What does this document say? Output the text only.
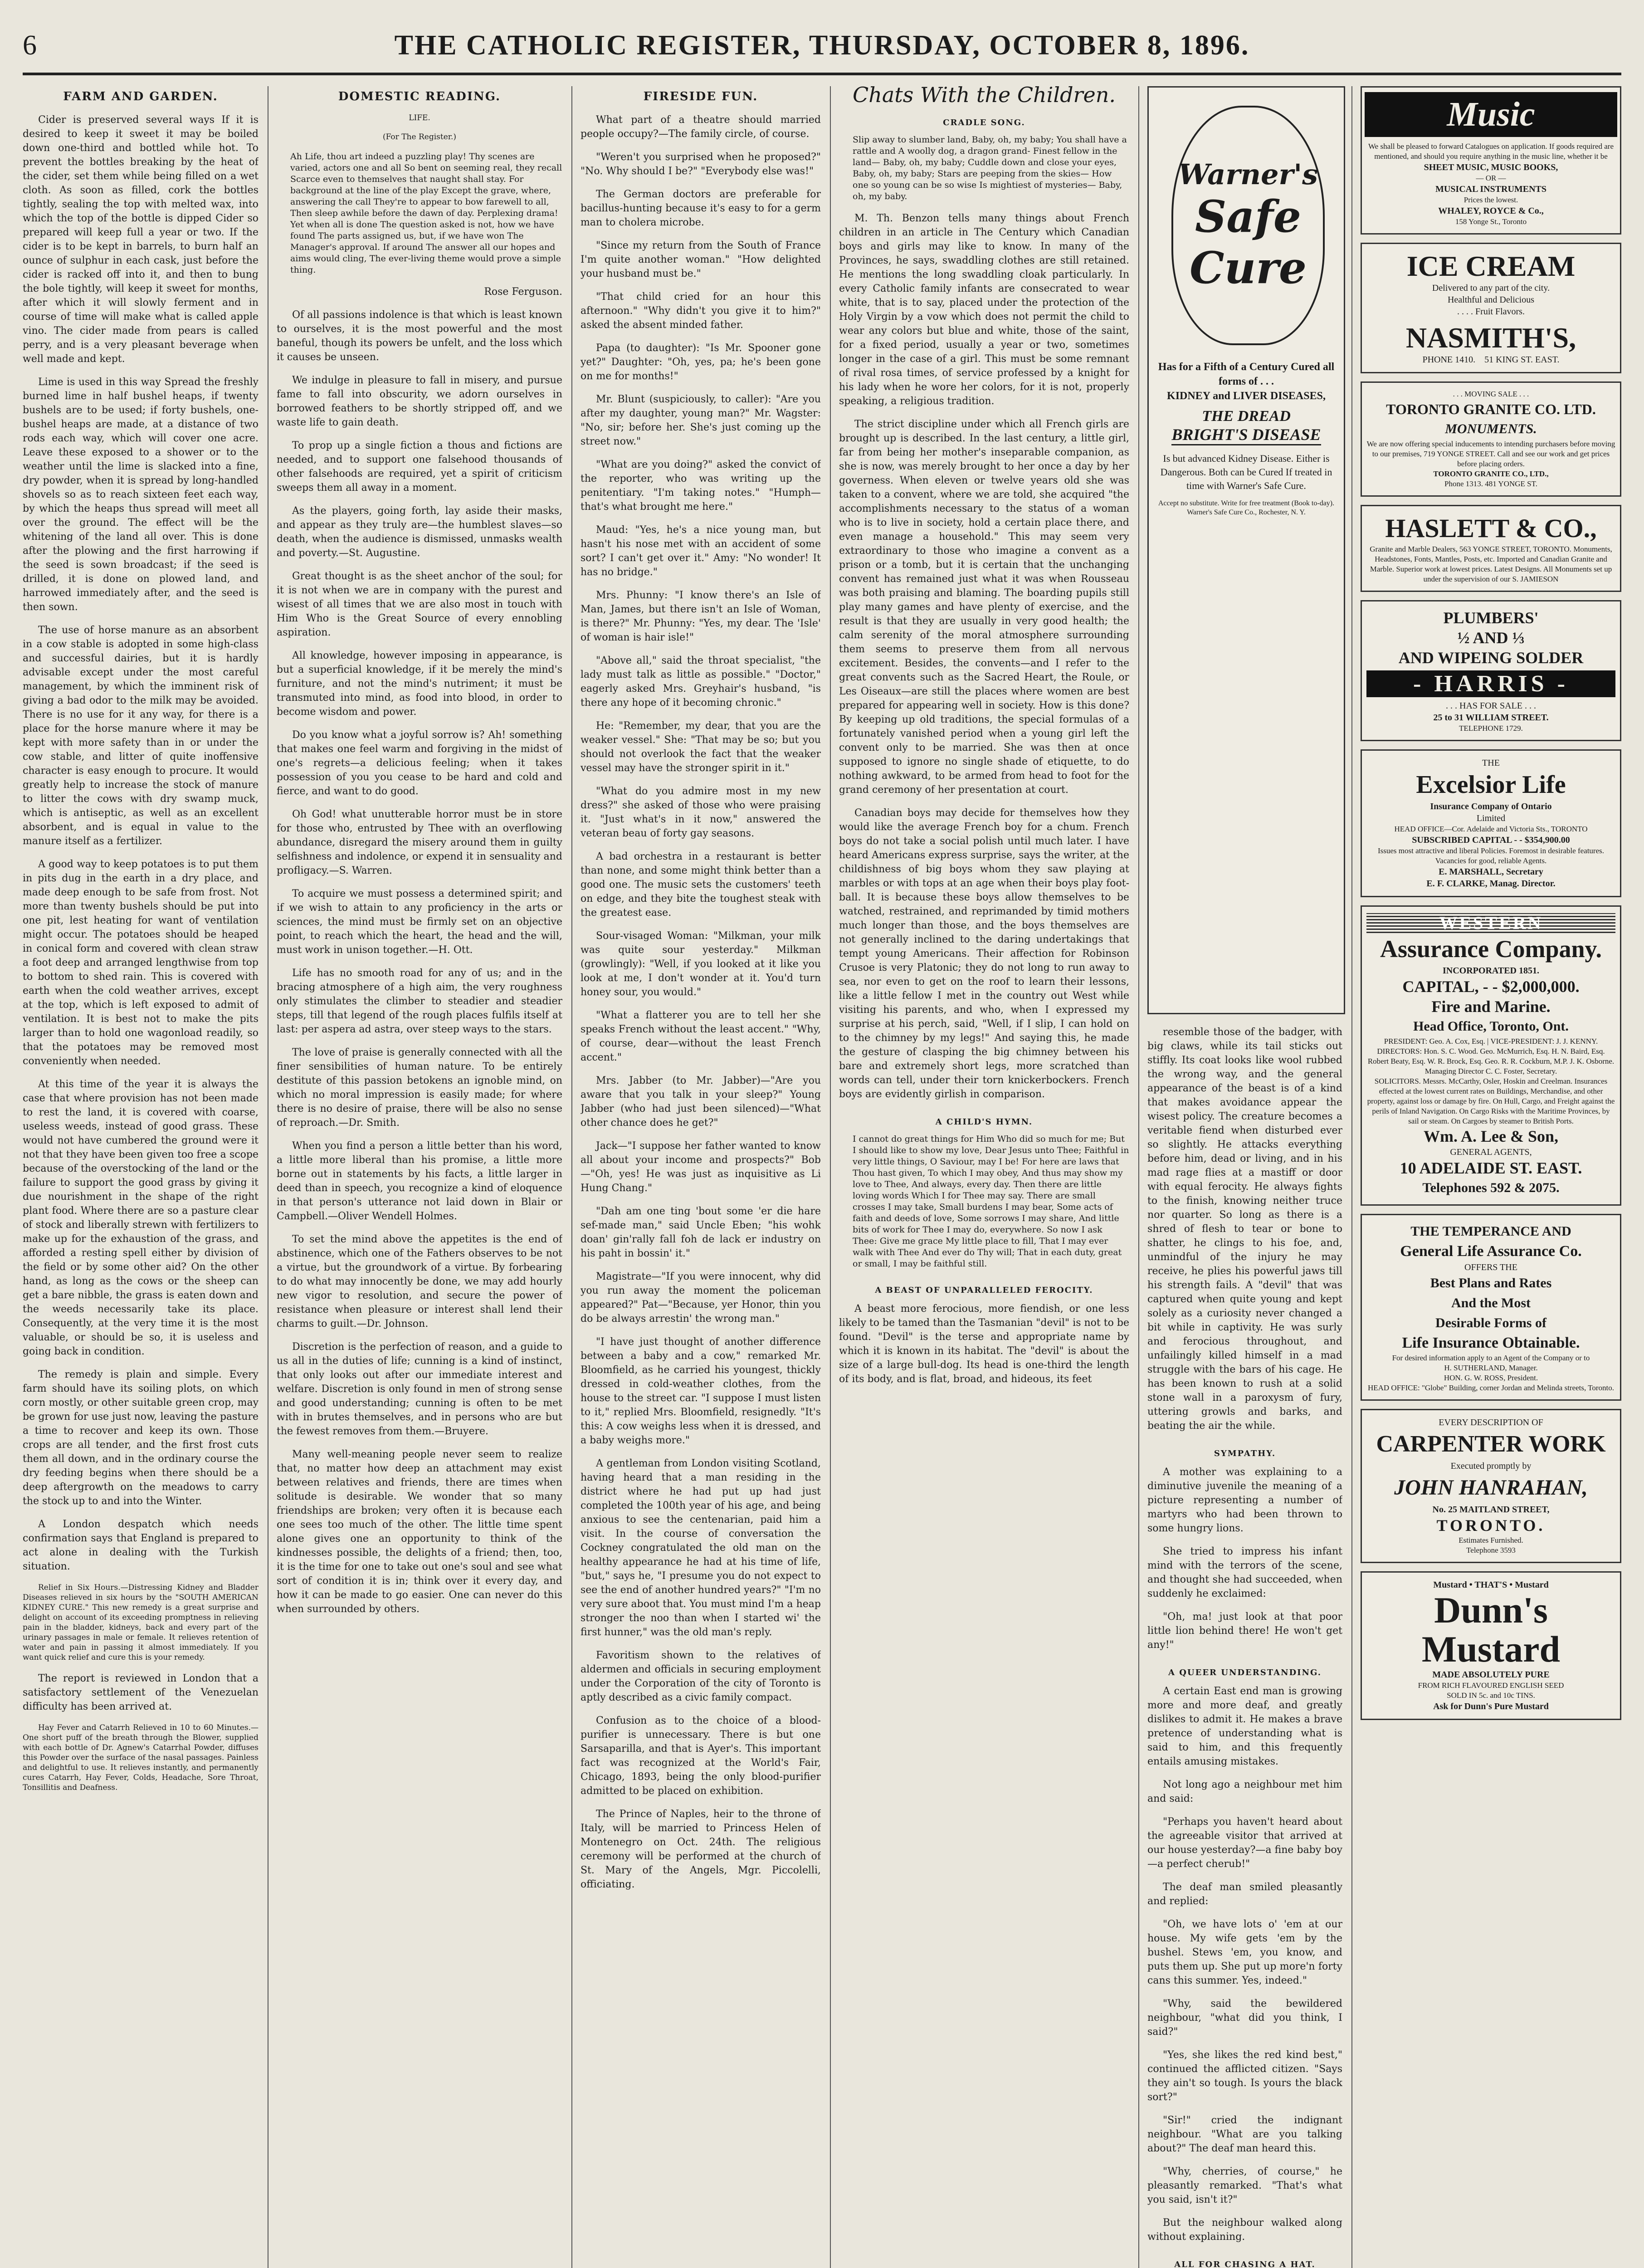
6	THE CATHOLIC REGISTER, THURSDAY, OCTOBER 8, 1896.
FARM AND GARDEN.

Cider is preserved several ways If it is desired to keep it sweet it may be boiled down one-third and bottled while hot. To prevent the bottles breaking by the heat of the cider, set them while being filled on a wet cloth. As soon as filled, cork the bottles tightly, sealing the top with melted wax, into which the top of the bottle is dipped Cider so prepared will keep full a year or two. If the cider is to be kept in barrels, to burn half an ounce of sulphur in each cask, just before the cider is racked off into it, and then to bung the bole tightly, will keep it sweet for months, after which it will slowly ferment and in course of time will make what is called apple vino. The cider made from pears is called perry, and is a very pleasant beverage when well made and kept.

Lime is used in this way Spread the freshly burned lime in half bushel heaps, if twenty bushels are to be used; if forty bushels, one-bushel heaps are made, at a distance of two rods each way, which will cover one acre. Leave these exposed to a shower or to the weather until the lime is slacked into a fine, dry powder, when it is spread by long-handled shovels so as to reach sixteen feet each way, by which the heaps thus spread will meet all over the ground. The effect will be the whitening of the land all over. This is done after the plowing and the first harrowing if the seed is sown broadcast; if the seed is drilled, it is done on plowed land, and harrowed immediately after, and the seed is then sown.

The use of horse manure as an absorbent in a cow stable is adopted in some high-class and successful dairies, but it is hardly advisable except under the most careful management, by which the imminent risk of giving a bad odor to the milk may be avoided. There is no use for it any way, for there is a place for the horse manure where it may be kept with more safety than in or under the cow stable, and litter of quite inoffensive character is easy enough to procure. It would greatly help to increase the stock of manure to litter the cows with dry swamp muck, which is antiseptic, as well as an excellent absorbent, and is equal in value to the manure itself as a fertilizer.

A good way to keep potatoes is to put them in pits dug in the earth in a dry place, and made deep enough to be safe from frost. Not more than twenty bushels should be put into one pit, lest heating for want of ventilation might occur. The potatoes should be heaped in conical form and covered with clean straw a foot deep and arranged lengthwise from top to bottom to shed rain. This is covered with earth when the cold weather arrives, except at the top, which is left exposed to admit of ventilation. It is best not to make the pits larger than to hold one wagonload readily, so that the potatoes may be removed most conveniently when needed.

At this time of the year it is always the case that where provision has not been made to rest the land, it is covered with coarse, useless weeds, instead of good grass. These would not have cumbered the ground were it not that they have been given too free a scope because of the overstocking of the land or the failure to support the good grass by giving it due nourishment in the shape of the right plant food. Where there are so a pasture clear of stock and liberally strewn with fertilizers to make up for the exhaustion of the grass, and afforded a resting spell either by division of the field or by some other aid? On the other hand, as long as the cows or the sheep can get a bare nibble, the grass is eaten down and the weeds necessarily take its place. Consequently, at the very time it is the most valuable, or should be so, it is useless and going back in condition.

The remedy is plain and simple. Every farm should have its soiling plots, on which corn mostly, or other suitable green crop, may be grown for use just now, leaving the pasture a time to recover and keep its own. Those crops are all tender, and the first frost cuts them all down, and in the ordinary course the dry feeding begins when there should be a deep aftergrowth on the meadows to carry the stock up to and into the Winter.

A London despatch which needs confirmation says that England is prepared to act alone in dealing with the Turkish situation.

Relief in Six Hours.—Distressing Kidney and Bladder Diseases relieved in six hours by the "SOUTH AMERICAN KIDNEY CURE." This new remedy is a great surprise and delight on account of its exceeding promptness in relieving pain in the bladder, kidneys, back and every part of the urinary passages in male or female. It relieves retention of water and pain in passing it almost immediately. If you want quick relief and cure this is your remedy.

The report is reviewed in London that a satisfactory settlement of the Venezuelan difficulty has been arrived at.

Hay Fever and Catarrh Relieved in 10 to 60 Minutes.—One short puff of the breath through the Blower, supplied with each bottle of Dr. Agnew's Catarrhal Powder, diffuses this Powder over the surface of the nasal passages. Painless and delightful to use. It relieves instantly, and permanently cures Catarrh, Hay Fever, Colds, Headache, Sore Throat, Tonsillitis and Deafness.

DOMESTIC READING.

LIFE.

(For The Register.)

Ah Life, thou art indeed a puzzling play! Thy scenes are varied, actors one and all So bent on seeming real, they recall Scarce even to themselves that naught shall stay. For background at the line of the play Except the grave, where, answering the call They're to appear to bow farewell to all, Then sleep awhile before the dawn of day. Perplexing drama! Yet when all is done The question asked is not, how we have found The parts assigned us, but, if we have won The Manager's approval. If around The answer all our hopes and aims would cling, The ever-living theme would prove a simple thing.

Rose Ferguson.

Of all passions indolence is that which is least known to ourselves, it is the most powerful and the most baneful, though its powers be unfelt, and the loss which it causes be unseen.

We indulge in pleasure to fall in misery, and pursue fame to fall into obscurity, we adorn ourselves in borrowed feathers to be shortly stripped off, and we waste life to gain death.

To prop up a single fiction a thous and fictions are needed, and to support one falsehood thousands of other falsehoods are required, yet a spirit of criticism sweeps them all away in a moment.

As the players, going forth, lay aside their masks, and appear as they truly are—the humblest slaves—so death, when the audience is dismissed, unmasks wealth and poverty.—St. Augustine.

Great thought is as the sheet anchor of the soul; for it is not when we are in company with the purest and wisest of all times that we are also most in touch with Him Who is the Great Source of every ennobling aspiration.

All knowledge, however imposing in appearance, is but a superficial knowledge, if it be merely the mind's furniture, and not the mind's nutriment; it must be transmuted into mind, as food into blood, in order to become wisdom and power.

Do you know what a joyful sorrow is? Ah! something that makes one feel warm and forgiving in the midst of one's regrets—a delicious feeling; when it takes possession of you you cease to be hard and cold and fierce, and want to do good.

Oh God! what unutterable horror must be in store for those who, entrusted by Thee with an overflowing abundance, disregard the misery around them in guilty selfishness and indolence, or expend it in sensuality and profligacy.—S. Warren.

To acquire we must possess a determined spirit; and if we wish to attain to any proficiency in the arts or sciences, the mind must be firmly set on an objective point, to reach which the heart, the head and the will, must work in unison together.—H. Ott.

Life has no smooth road for any of us; and in the bracing atmosphere of a high aim, the very roughness only stimulates the climber to steadier and steadier steps, till that legend of the rough places fulfils itself at last: per aspera ad astra, over steep ways to the stars.

The love of praise is generally connected with all the finer sensibilities of human nature. To be entirely destitute of this passion betokens an ignoble mind, on which no moral impression is easily made; for where there is no desire of praise, there will be also no sense of reproach.—Dr. Smith.

When you find a person a little better than his word, a little more liberal than his promise, a little more borne out in statements by his facts, a little larger in deed than in speech, you recognize a kind of eloquence in that person's utterance not laid down in Blair or Campbell.—Oliver Wendell Holmes.

To set the mind above the appetites is the end of abstinence, which one of the Fathers observes to be not a virtue, but the groundwork of a virtue. By forbearing to do what may innocently be done, we may add hourly new vigor to resolution, and secure the power of resistance when pleasure or interest shall lend their charms to guilt.—Dr. Johnson.

Discretion is the perfection of reason, and a guide to us all in the duties of life; cunning is a kind of instinct, that only looks out after our immediate interest and welfare. Discretion is only found in men of strong sense and good understanding; cunning is often to be met with in brutes themselves, and in persons who are but the fewest removes from them.—Bruyere.

Many well-meaning people never seem to realize that, no matter how deep an attachment may exist between relatives and friends, there are times when solitude is desirable. We wonder that so many friendships are broken; very often it is because each one sees too much of the other. The little time spent alone gives one an opportunity to think of the kindnesses possible, the delights of a friend; then, too, it is the time for one to take out one's soul and see what sort of condition it is in; think over it every day, and how it can be made to go easier. One can never do this when surrounded by others.

FIRESIDE FUN.

What part of a theatre should married people occupy?—The family circle, of course.

"Weren't you surprised when he proposed?" "No. Why should I be?" "Everybody else was!"

The German doctors are preferable for bacillus-hunting because it's easy to for a germ man to cholera microbe.

"Since my return from the South of France I'm quite another woman." "How delighted your husband must be."

"That child cried for an hour this afternoon." "Why didn't you give it to him?" asked the absent minded father.

Papa (to daughter): "Is Mr. Spooner gone yet?" Daughter: "Oh, yes, pa; he's been gone on me for months!"

Mr. Blunt (suspiciously, to caller): "Are you after my daughter, young man?" Mr. Wagster: "No, sir; before her. She's just coming up the street now."

"What are you doing?" asked the convict of the reporter, who was writing up the penitentiary. "I'm taking notes." "Humph—that's what brought me here."

Maud: "Yes, he's a nice young man, but hasn't his nose met with an accident of some sort? I can't get over it." Amy: "No wonder! It has no bridge."

Mrs. Phunny: "I know there's an Isle of Man, James, but there isn't an Isle of Woman, is there?" Mr. Phunny: "Yes, my dear. The 'Isle' of woman is hair isle!"

"Above all," said the throat specialist, "the lady must talk as little as possible." "Doctor," eagerly asked Mrs. Greyhair's husband, "is there any hope of it becoming chronic."

He: "Remember, my dear, that you are the weaker vessel." She: "That may be so; but you should not overlook the fact that the weaker vessel may have the stronger spirit in it."

"What do you admire most in my new dress?" she asked of those who were praising it. "Just what's in it now," answered the veteran beau of forty gay seasons.

A bad orchestra in a restaurant is better than none, and some might think better than a good one. The music sets the customers' teeth on edge, and they bite the toughest steak with the greatest ease.

Sour-visaged Woman: "Milkman, your milk was quite sour yesterday." Milkman (growlingly): "Well, if you looked at it like you look at me, I don't wonder at it. You'd turn honey sour, you would."

"What a flatterer you are to tell her she speaks French without the least accent." "Why, of course, dear—without the least French accent."

Mrs. Jabber (to Mr. Jabber)—"Are you aware that you talk in your sleep?" Young Jabber (who had just been silenced)—"What other chance does he get?"

Jack—"I suppose her father wanted to know all about your income and prospects?" Bob—"Oh, yes! He was just as inquisitive as Li Hung Chang."

"Dah am one ting 'bout some 'er die hare sef-made man," said Uncle Eben; "his wohk doan' gin'rally fall foh de lack er industry on his paht in bossin' it."

Magistrate—"If you were innocent, why did you run away the moment the policeman appeared?" Pat—"Because, yer Honor, thin you do be always arrestin' the wrong man."

"I have just thought of another difference between a baby and a cow," remarked Mr. Bloomfield, as he carried his youngest, thickly dressed in cold-weather clothes, from the house to the street car. "I suppose I must listen to it," replied Mrs. Bloomfield, resignedly. "It's this: A cow weighs less when it is dressed, and a baby weighs more."

A gentleman from London visiting Scotland, having heard that a man residing in the district where he had put up had just completed the 100th year of his age, and being anxious to see the centenarian, paid him a visit. In the course of conversation the Cockney congratulated the old man on the healthy appearance he had at his time of life, "but," says he, "I presume you do not expect to see the end of another hundred years?" "I'm no very sure aboot that. You must mind I'm a heap stronger the noo than when I started wi' the first hunner," was the old man's reply.

Favoritism shown to the relatives of aldermen and officials in securing employment under the Corporation of the city of Toronto is aptly described as a civic family compact.

Confusion as to the choice of a blood-purifier is unnecessary. There is but one Sarsaparilla, and that is Ayer's. This important fact was recognized at the World's Fair, Chicago, 1893, being the only blood-purifier admitted to be placed on exhibition.

The Prince of Naples, heir to the throne of Italy, will be married to Princess Helen of Montenegro on Oct. 24th. The religious ceremony will be performed at the church of St. Mary of the Angels, Mgr. Piccolelli, officiating.

Chats With the Children.

CRADLE SONG.

Slip away to slumber land, Baby, oh, my baby; You shall have a rattle and A woolly dog, a dragon grand- Finest fellow in the land— Baby, oh, my baby; Cuddle down and close your eyes, Baby, oh, my baby; Stars are peeping from the skies— How one so young can be so wise Is mightiest of mysteries— Baby, oh, my baby.

M. Th. Benzon tells many things about French children in an article in The Century which Canadian boys and girls may like to know. In many of the Provinces, he says, swaddling clothes are still retained. He mentions the long swaddling cloak particularly. In every Catholic family infants are consecrated to wear white, that is to say, placed under the protection of the Holy Virgin by a vow which does not permit the child to wear any colors but blue and white, those of the saint, for a fixed period, usually a year or two, sometimes longer in the case of a girl. This must be some remnant of rival rosa times, of service professed by a knight for his lady when he wore her colors, for it is not, properly speaking, a religious tradition.

The strict discipline under which all French girls are brought up is described. In the last century, a little girl, far from being her mother's inseparable companion, as she is now, was merely brought to her once a day by her governess. When eleven or twelve years old she was taken to a convent, where we are told, she acquired "the accomplishments necessary to the status of a woman who is to live in society, hold a certain place there, and even manage a household." This may seem very extraordinary to those who imagine a convent as a prison or a tomb, but it is certain that the unchanging convent has remained just what it was when Rousseau was both praising and blaming. The boarding pupils still play many games and have plenty of exercise, and the result is that they are usually in very good health; the calm serenity of the moral atmosphere surrounding them seems to preserve them from all nervous excitement. Besides, the convents—and I refer to the great convents such as the Sacred Heart, the Roule, or Les Oiseaux—are still the places where women are best prepared for appearing well in society. How is this done? By keeping up old traditions, the special formulas of a fortunately vanished period when a young girl left the convent only to be married. She was then at once supposed to ignore no single shade of etiquette, to do nothing awkward, to be armed from head to foot for the grand ceremony of her presentation at court.

Canadian boys may decide for themselves how they would like the average French boy for a chum. French boys do not take a social polish until much later. I have heard Americans express surprise, says the writer, at the childishness of big boys whom they saw playing at marbles or with tops at an age when their boys play foot-ball. It is because these boys allow themselves to be watched, restrained, and reprimanded by timid mothers much longer than those, and the boys themselves are not generally inclined to the daring undertakings that tempt young Americans. Their affection for Robinson Crusoe is very Platonic; they do not long to run away to sea, nor even to get on the roof to learn their lessons, like a little fellow I met in the country out West while visiting his parents, and who, when I expressed my surprise at his perch, said, "Well, if I slip, I can hold on to the chimney by my legs!" And saying this, he made the gesture of clasping the big chimney between his bare and extremely short legs, more scratched than words can tell, under their torn knickerbockers. French boys are evidently girlish in comparison.

A CHILD'S HYMN.

I cannot do great things for Him Who did so much for me; But I should like to show my love, Dear Jesus unto Thee; Faithful in very little things, O Saviour, may I be! For here are laws that Thou hast given, To which I may obey, And thus may show my love to Thee, And always, every day. Then there are little loving words Which I for Thee may say. There are small crosses I may take, Small burdens I may bear, Some acts of faith and deeds of love, Some sorrows I may share, And little bits of work for Thee I may do, everywhere. So now I ask Thee: Give me grace My little place to fill, That I may ever walk with Thee And ever do Thy will; That in each duty, great or small, I may be faithful still.

A BEAST OF UNPARALLELED FEROCITY.

A beast more ferocious, more fiendish, or one less likely to be tamed than the Tasmanian "devil" is not to be found. "Devil" is the terse and appropriate name by which it is known in its habitat. The "devil" is about the size of a large bull-dog. Its head is one-third the length of its body, and is flat, broad, and hideous, its feet

Warner's
Safe
Cure
Has for a Fifth of a Century Cured all forms of . . .
KIDNEY and LIVER DISEASES,
THE DREAD
BRIGHT'S DISEASE
Is but advanced Kidney Disease. Either is Dangerous. Both can be Cured If treated in time with Warner's Safe Cure.
Accept no substitute. Write for free treatment (Book to-day). Warner's Safe Cure Co., Rochester, N. Y.

resemble those of the badger, with big claws, while its tail sticks out stiffly. Its coat looks like wool rubbed the wrong way, and the general appearance of the beast is of a kind that makes avoidance appear the wisest policy. The creature becomes a veritable fiend when disturbed ever so slightly. He attacks everything before him, dead or living, and in his mad rage flies at a mastiff or door with equal ferocity. He always fights to the finish, knowing neither truce nor quarter. So long as there is a shred of flesh to tear or bone to shatter, he clings to his foe, and, unmindful of the injury he may receive, he plies his powerful jaws till his strength fails. A "devil" that was captured when quite young and kept solely as a curiosity never changed a bit while in captivity. He was surly and ferocious throughout, and unfailingly killed himself in a mad struggle with the bars of his cage. He has been known to rush at a solid stone wall in a paroxysm of fury, uttering growls and barks, and beating the air the while.

SYMPATHY.

A mother was explaining to a diminutive juvenile the meaning of a picture representing a number of martyrs who had been thrown to some hungry lions.

She tried to impress his infant mind with the terrors of the scene, and thought she had succeeded, when suddenly he exclaimed:

"Oh, ma! just look at that poor little lion behind there! He won't get any!"

A QUEER UNDERSTANDING.

A certain East end man is growing more and more deaf, and greatly dislikes to admit it. He makes a brave pretence of understanding what is said to him, and this frequently entails amusing mistakes.

Not long ago a neighbour met him and said:

"Perhaps you haven't heard about the agreeable visitor that arrived at our house yesterday?—a fine baby boy—a perfect cherub!"

The deaf man smiled pleasantly and replied:

"Oh, we have lots o' 'em at our house. My wife gets 'em by the bushel. Stews 'em, you know, and puts them up. She put up more'n forty cans this summer. Yes, indeed."

"Why, said the bewildered neighbour, "what did you think, I said?"

"Yes, she likes the red kind best," continued the afflicted citizen. "Says they ain't so tough. Is yours the black sort?"

"Sir!" cried the indignant neighbour. "What are you talking about?" The deaf man heard this.

"Why, cherries, of course," he pleasantly remarked. "That's what you said, isn't it?"

But the neighbour walked along without explaining.

ALL FOR CHASING A HAT.

Music
We shall be pleased to forward Catalogues on application. If goods required are mentioned, and should you require anything in the music line, whether it be
SHEET MUSIC, MUSIC BOOKS,
— OR —
MUSICAL INSTRUMENTS
Prices the lowest.
WHALEY, ROYCE & Co.,
158 Yonge St., Toronto
ICE CREAM
Delivered to any part of the city.
Healthful and Delicious
. . . . Fruit Flavors.
NASMITH'S,
PHONE 1410. 51 KING ST. EAST.
. . . MOVING SALE . . .
TORONTO GRANITE CO. LTD.
MONUMENTS.
We are now offering special inducements to intending purchasers before moving to our premises, 719 YONGE STREET. Call and see our work and get prices before placing orders.
TORONTO GRANITE CO., LTD.,
Phone 1313. 481 YONGE ST.
HASLETT & CO.,
Granite and Marble Dealers, 563 YONGE STREET, TORONTO. Monuments, Headstones, Fonts, Mantles, Posts, etc. Imported and Canadian Granite and Marble. Superior work at lowest prices. Latest Designs. All Monuments set up under the supervision of our S. JAMIESON
PLUMBERS'
½ AND ⅓
AND WIPEING SOLDER
- HARRIS -
. . . HAS FOR SALE . . .
25 to 31 WILLIAM STREET.
TELEPHONE 1729.
THE
Excelsior Life
Insurance Company of Ontario
Limited
HEAD OFFICE—Cor. Adelaide and Victoria Sts., TORONTO
SUBSCRIBED CAPITAL - - $354,900.00
Issues most attractive and liberal Policies. Foremost in desirable features. Vacancies for good, reliable Agents.
E. MARSHALL, Secretary
E. F. CLARKE, Manag. Director.
WESTERN
Assurance Company.
INCORPORATED 1851.
CAPITAL, - - $2,000,000.
Fire and Marine.
Head Office, Toronto, Ont.
PRESIDENT: Geo. A. Cox, Esq. | VICE-PRESIDENT: J. J. KENNY.
DIRECTORS: Hon. S. C. Wood. Geo. McMurrich, Esq. H. N. Baird, Esq. Robert Beaty, Esq. W. R. Brock, Esq. Geo. R. R. Cockburn, M.P. J. K. Osborne. Managing Director C. C. Foster, Secretary.
SOLICITORS. Messrs. McCarthy, Osler, Hoskin and Creelman. Insurances effected at the lowest current rates on Buildings, Merchandise, and other property, against loss or damage by fire. On Hull, Cargo, and Freight against the perils of Inland Navigation. On Cargo Risks with the Maritime Provinces, by sail or steam. On Cargoes by steamer to British Ports.
Wm. A. Lee & Son,
GENERAL AGENTS,
10 ADELAIDE ST. EAST.
Telephones 592 & 2075.
THE TEMPERANCE AND
General Life Assurance Co.
OFFERS THE
Best Plans and Rates
And the Most
Desirable Forms of
Life Insurance Obtainable.
For desired information apply to an Agent of the Company or to
H. SUTHERLAND, Manager.
HON. G. W. ROSS, President.
HEAD OFFICE: "Globe" Building, corner Jordan and Melinda streets, Toronto.
EVERY DESCRIPTION OF
CARPENTER WORK
Executed promptly by
JOHN HANRAHAN,
No. 25 MAITLAND STREET,
TORONTO.
Estimates Furnished.
Telephone 3593
Mustard • THAT'S • Mustard
Dunn's Mustard
MADE ABSOLUTELY PURE
FROM RICH FLAVOURED ENGLISH SEED
SOLD IN 5c. and 10c TINS.
Ask for Dunn's Pure Mustard
